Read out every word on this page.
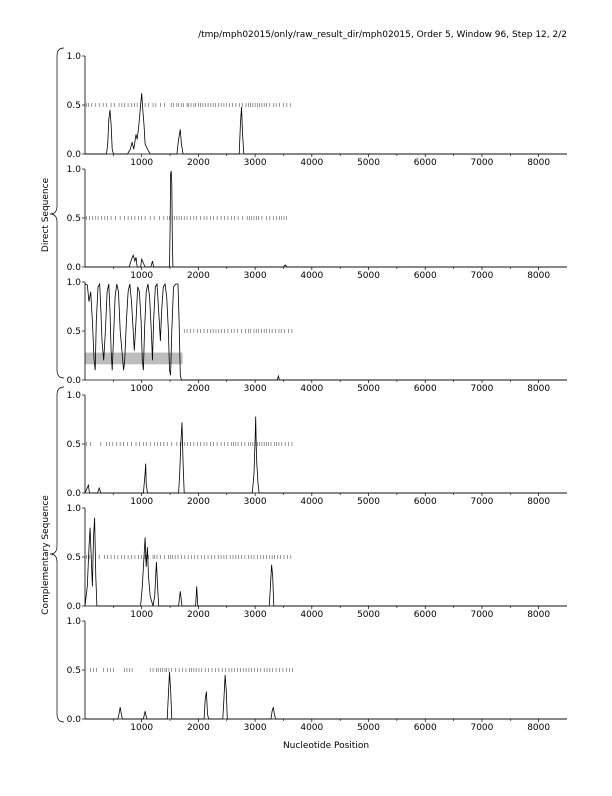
/tmp/mph02015/only/raw_result_dir/mph02015, Order 5, Window 96, Step 12, 2/2
Direct Sequence
Complementary Sequence
0.0
0.5
1.0
1000	2000	3000	4000	5000	6000	7000	8000
0.0
0.5
1.0
1000	2000	3000	4000	5000	6000	7000	8000
0.0
0.5
1.0
1000	2000	3000	4000	5000	6000	7000	8000
0.0
0.5
1.0
1000	2000	3000	4000	5000	6000	7000	8000
0.0
0.5
1.0
1000	2000	3000	4000	5000	6000	7000	8000
0.0
0.5
1.0
1000	2000	3000	4000	5000	6000	7000	8000
Nucleotide Position
